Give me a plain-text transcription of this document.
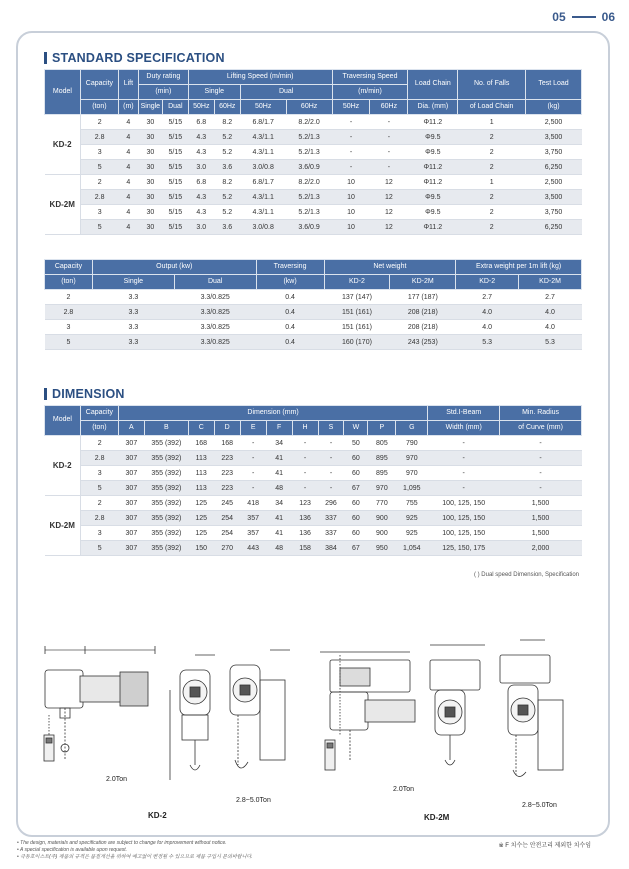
05	06
STANDARD SPECIFICATION
Model	Capacity	Lift	Duty rating		Lifting Speed (m/min)				Traversing Speed		Load Chain	No. of Falls	Test Load
			(min)		Single		Dual		(m/min)				
	(ton)	(m)	Single	Dual	50Hz	60Hz	50Hz	60Hz	50Hz	60Hz	Dia. (mm)	of Load Chain	(kg)
KD-2	2	4	30	5/15	6.8	8.2	6.8/1.7	8.2/2.0	-	-	Φ11.2	1	2,500
	2.8	4	30	5/15	4.3	5.2	4.3/1.1	5.2/1.3	-	-	Φ9.5	2	3,500
	3	4	30	5/15	4.3	5.2	4.3/1.1	5.2/1.3	-	-	Φ9.5	2	3,750
	5	4	30	5/15	3.0	3.6	3.0/0.8	3.6/0.9	-	-	Φ11.2	2	6,250
KD-2M	2	4	30	5/15	6.8	8.2	6.8/1.7	8.2/2.0	10	12	Φ11.2	1	2,500
	2.8	4	30	5/15	4.3	5.2	4.3/1.1	5.2/1.3	10	12	Φ9.5	2	3,500
	3	4	30	5/15	4.3	5.2	4.3/1.1	5.2/1.3	10	12	Φ9.5	2	3,750
	5	4	30	5/15	3.0	3.6	3.0/0.8	3.6/0.9	10	12	Φ11.2	2	6,250
Capacity	Output (kw)		Traversing	Net weight		Extra weight per 1m lift (kg)	
(ton)	Single	Dual	(kw)	KD-2	KD-2M	KD-2	KD-2M
2	3.3	3.3/0.825	0.4	137 (147)	177 (187)	2.7	2.7
2.8	3.3	3.3/0.825	0.4	151 (161)	208 (218)	4.0	4.0
3	3.3	3.3/0.825	0.4	151 (161)	208 (218)	4.0	4.0
5	3.3	3.3/0.825	0.4	160 (170)	243 (253)	5.3	5.3
DIMENSION
Model	Capacity	Dimension (mm)											Std.I-Beam	Min. Radius
	(ton)	A	B	C	D	E	F	H	S	W	P	G	Width (mm)	of Curve (mm)
KD-2	2	307	355 (392)	168	168	-	34	-	-	50	805	790	-	-
	2.8	307	355 (392)	113	223	-	41	-	-	60	895	970	-	-
	3	307	355 (392)	113	223	-	41	-	-	60	895	970	-	-
	5	307	355 (392)	113	223	-	48	-	-	67	970	1,095	-	-
KD-2M	2	307	355 (392)	125	245	418	34	123	296	60	770	755	100, 125, 150	1,500
	2.8	307	355 (392)	125	254	357	41	136	337	60	900	925	100, 125, 150	1,500
	3	307	355 (392)	125	254	357	41	136	337	60	900	925	100, 125, 150	1,500
	5	307	355 (392)	150	270	443	48	158	384	67	950	1,054	125, 150, 175	2,000
( ) Dual speed Dimension, Specification
2.0Ton
2.8~5.0Ton
KD-2
2.0Ton
2.8~5.0Ton
KD-2M
• The design, materials and specification are subject to change for improvement without notice.
• A special specification is available upon request.
• 극동호이스트(주) 제품의 규격은 품질개선을 위하여 예고없이 변경될 수 있으므로 제품 구입시 문의바랍니다.
※ F 치수는 안전고리 제외한 치수임
